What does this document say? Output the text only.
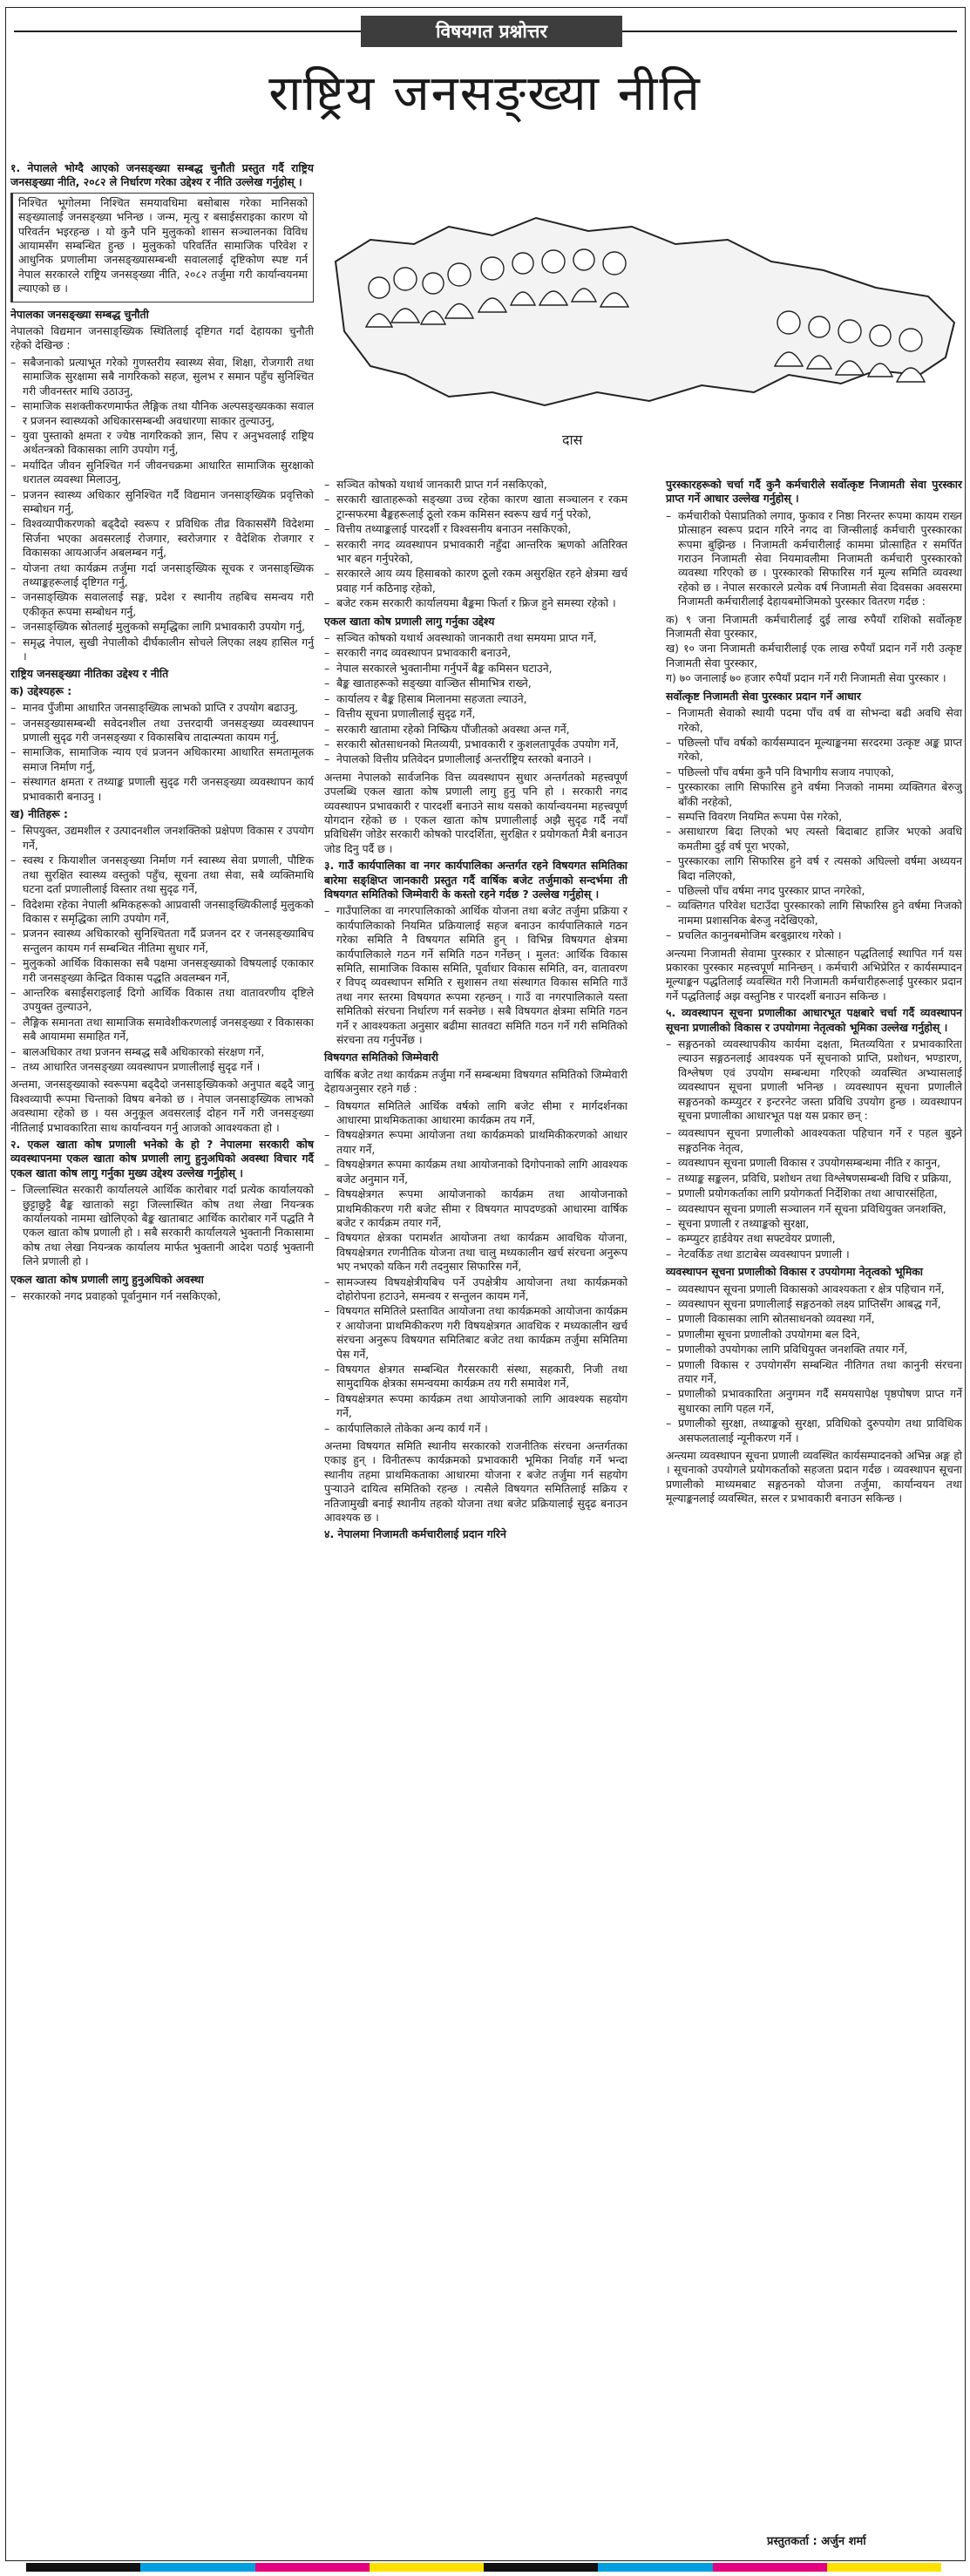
विषयगत प्रश्नोत्तर
राष्ट्रिय जनसङ्ख्या नीति
दास

१. नेपालले भोग्दै आएको जनसङ्ख्या सम्बद्ध चुनौती प्रस्तुत गर्दै राष्ट्रिय जनसङ्ख्या नीति, २०८२ ले निर्धारण गरेका उद्देश्य र नीति उल्लेख गर्नुहोस् ।

निश्चित भूगोलमा निश्चित समयावधिमा बसोबास गरेका मानिसको सङ्ख्यालाई जनसङ्ख्या भनिन्छ । जन्म, मृत्यु र बसाईसराइका कारण यो परिवर्तन भइरहन्छ । यो कुनै पनि मुलुकको शासन सञ्चालनका विविध आयामसँग सम्बन्धित हुन्छ । मुलुकको परिवर्तित सामाजिक परिवेश र आधुनिक प्रणालीमा जनसङ्ख्यासम्बन्धी सवाललाई दृष्टिकोण स्पष्ट गर्न नेपाल सरकारले राष्ट्रिय जनसङ्ख्या नीति, २०८२ तर्जुमा गरी कार्यान्वयनमा ल्याएको छ ।

नेपालका जनसङ्ख्या सम्बद्ध चुनौती

नेपालको विद्यमान जनसाङ्ख्यिक स्थितिलाई दृष्टिगत गर्दा देहायका चुनौती रहेको देखिन्छ :

– सबैजनाको प्रत्याभूत गरेको गुणस्तरीय स्वास्थ्य सेवा, शिक्षा, रोजगारी तथा सामाजिक सुरक्षामा सबै नागरिकको सहज, सुलभ र समान पहुँच सुनिश्चित गरी जीवनस्तर माथि उठाउनु,
– सामाजिक सशक्तीकरणमार्फत लैङ्गिक तथा यौनिक अल्पसङ्ख्यकका सवाल र प्रजनन स्वास्थ्यको अधिकारसम्बन्धी अवधारणा साकार तुल्याउनु,
– युवा पुस्ताको क्षमता र ज्येष्ठ नागरिकको ज्ञान, सिप र अनुभवलाई राष्ट्रिय अर्थतन्त्रको विकासका लागि उपयोग गर्नु,
– मर्यादित जीवन सुनिश्चित गर्न जीवनचक्रमा आधारित सामाजिक सुरक्षाको धरातल व्यवस्था मिलाउनु,
– प्रजनन स्वास्थ्य अधिकार सुनिश्चित गर्दै विद्यमान जनसाङ्ख्यिक प्रवृत्तिको सम्बोधन गर्नु,
– विश्वव्यापीकरणको बढ्दैदो स्वरूप र प्रविधिक तीव्र विकाससँगै विदेशमा सिर्जना भएका अवसरलाई रोजगार, स्वरोजगार र वैदेशिक रोजगार र विकासका आयआर्जन अबलम्बन गर्नु,
– योजना तथा कार्यक्रम तर्जुमा गर्दा जनसाङ्ख्यिक सूचक र जनसाङ्ख्यिक तथ्याङ्कहरूलाई दृष्टिगत गर्नु,
– जनसाङ्ख्यिक सवाललाई सङ्घ, प्रदेश र स्थानीय तहबिच समन्वय गरी एकीकृत रूपमा सम्बोधन गर्नु,
– जनसाङ्ख्यिक स्रोतलाई मुलुकको समृद्धिका लागि प्रभावकारी उपयोग गर्नु,
– समृद्ध नेपाल, सुखी नेपालीको दीर्घकालीन सोचले लिएका लक्ष्य हासिल गर्नु ।

राष्ट्रिय जनसङ्ख्या नीतिका उद्देश्य र नीति

क) उद्देश्यहरू :

– मानव पुँजीमा आधारित जनसाङ्ख्यिक लाभको प्राप्ति र उपयोग बढाउनु,
– जनसङ्ख्यासम्बन्धी सवेदनशील तथा उत्तरदायी जनसङ्ख्या व्यवस्थापन प्रणाली सुदृढ गरी जनसङ्ख्या र विकासबिच तादात्म्यता कायम गर्नु,
– सामाजिक, सामाजिक न्याय एवं प्रजनन अधिकारमा आधारित समतामूलक समाज निर्माण गर्नु,
– संस्थागत क्षमता र तथ्याङ्क प्रणाली सुदृढ गरी जनसङ्ख्या व्यवस्थापन कार्य प्रभावकारी बनाउनु ।

ख) नीतिहरू :

– सिपयुक्त, उद्यमशील र उत्पादनशील जनशक्तिको प्रक्षेपण विकास र उपयोग गर्ने,
– स्वस्थ र कियाशील जनसङ्ख्या निर्माण गर्न स्वास्थ्य सेवा प्रणाली, पौष्टिक तथा सुरक्षित स्वास्थ्य वस्तुको पहुँच, सूचना तथा सेवा, सबै व्यक्तिमाथि घटना दर्ता प्रणालीलाई विस्तार तथा सुदृढ गर्ने,
– विदेशमा रहेका नेपाली श्रमिकहरूको आप्रवासी जनसाङ्ख्यिकीलाई मुलुकको विकास र समृद्धिका लागि उपयोग गर्ने,
– प्रजनन स्वास्थ्य अधिकारको सुनिश्चितता गर्दै प्रजनन दर र जनसङ्ख्याबिच सन्तुलन कायम गर्न सम्बन्धित नीतिमा सुधार गर्ने,
– मुलुकको आर्थिक विकासका सबै पक्षमा जनसङ्ख्याको विषयलाई एकाकार गरी जनसङ्ख्या केन्द्रित विकास पद्धति अवलम्बन गर्ने,
– आन्तरिक बसाईसराइलाई दिगो आर्थिक विकास तथा वातावरणीय दृष्टिले उपयुक्त तुल्याउने,
– लैङ्गिक समानता तथा सामाजिक समावेशीकरणलाई जनसङ्ख्या र विकासका सबै आयाममा समाहित गर्ने,
– बालअधिकार तथा प्रजनन सम्बद्ध सबै अधिकारको संरक्षण गर्ने,
– तथ्य आधारित जनसङ्ख्या व्यवस्थापन प्रणालीलाई सुदृढ गर्ने ।

अन्तमा, जनसङ्ख्याको स्वरूपमा बढ्दैदो जनसाङ्ख्यिकको अनुपात बढ्दै जानु विश्वव्यापी रूपमा चिन्ताको विषय बनेको छ । नेपाल जनसाङ्ख्यिक लाभको अवस्थामा रहेको छ । यस अनुकूल अवसरलाई दोहन गर्ने गरी जनसङ्ख्या नीतिलाई प्रभावकारिता साथ कार्यान्वयन गर्नु आजको आवश्यकता हो ।

२. एकल खाता कोष प्रणाली भनेको के हो ? नेपालमा सरकारी कोष व्यवस्थापनमा एकल खाता कोष प्रणाली लागु हुनुअघिको अवस्था विचार गर्दै एकल खाता कोष लागु गर्नुका मुख्य उद्देश्य उल्लेख गर्नुहोस् ।

– जिल्लास्थित सरकारी कार्यालयले आर्थिक कारोबार गर्दा प्रत्येक कार्यालयको छुट्टाछुट्टै बैङ्क खाताको सट्टा जिल्लास्थित कोष तथा लेखा नियन्त्रक कार्यालयको नाममा खोलिएको बैङ्क खाताबाट आर्थिक कारोबार गर्ने पद्धति नै एकल खाता कोष प्रणाली हो । सबै सरकारी कार्यालयले भुक्तानी निकासामा कोष तथा लेखा नियन्त्रक कार्यालय मार्फत भुक्तानी आदेश पठाई भुक्तानी लिने प्रणाली हो ।

एकल खाता कोष प्रणाली लागु हुनुअघिको अवस्था

– सरकारको नगद प्रवाहको पूर्वानुमान गर्न नसकिएको,
– सञ्चित कोषको यथार्थ जानकारी प्राप्त गर्न नसकिएको,
– सरकारी खाताहरूको सङ्ख्या उच्च रहेका कारण खाता सञ्चालन र रकम ट्रान्सफरमा बैङ्कहरूलाई ठूलो रकम कमिसन स्वरूप खर्च गर्नु परेको,
– वित्तीय तथ्याङ्कलाई पारदर्शी र विश्वसनीय बनाउन नसकिएको,
– सरकारी नगद व्यवस्थापन प्रभावकारी नहुँदा आन्तरिक ऋणको अतिरिक्त भार बहन गर्नुपरेको,
– सरकारले आय व्यय हिसाबको कारण ठूलो रकम असुरक्षित रहने क्षेत्रमा खर्च प्रवाह गर्न कठिनाइ रहेको,
– बजेट रकम सरकारी कार्यालयमा बैङ्कमा फिर्ता र फ्रिज हुने समस्या रहेको ।

एकल खाता कोष प्रणाली लागु गर्नुका उद्देश्य

– सञ्चित कोषको यथार्थ अवस्थाको जानकारी तथा समयमा प्राप्त गर्ने,
– सरकारी नगद व्यवस्थापन प्रभावकारी बनाउने,
– नेपाल सरकारले भुक्तानीमा गर्नुपर्ने बैङ्क कमिसन घटाउने,
– बैङ्क खाताहरूको सङ्ख्या वाञ्छित सीमाभित्र राख्ने,
– कार्यालय र बैङ्क हिसाब मिलानमा सहजता ल्याउने,
– वित्तीय सूचना प्रणालीलाई सुदृढ गर्ने,
– सरकारी खातामा रहेको निष्क्रिय पौंजीतको अवस्था अन्त गर्ने,
– सरकारी स्रोतसाधनको मितव्ययी, प्रभावकारी र कुशलतापूर्वक उपयोग गर्ने,
– नेपालको वित्तीय प्रतिवेदन प्रणालीलाई अन्तर्राष्ट्रिय स्तरको बनाउने ।

अन्तमा नेपालको सार्वजनिक वित्त व्यवस्थापन सुधार अन्तर्गतको महत्त्वपूर्ण उपलब्धि एकल खाता कोष प्रणाली लागु हुनु पनि हो । सरकारी नगद व्यवस्थापन प्रभावकारी र पारदर्शी बनाउने साथ यसको कार्यान्वयनमा महत्त्वपूर्ण योगदान रहेको छ । एकल खाता कोष प्रणालीलाई अझै सुदृढ गर्दै नयाँ प्रविधिसँग जोडेर सरकारी कोषको पारदर्शिता, सुरक्षित र प्रयोगकर्ता मैत्री बनाउन जोड दिनु पर्दै छ ।

३. गाउँ कार्यपालिका वा नगर कार्यपालिका अन्तर्गत रहने विषयगत समितिका बारेमा सङ्क्षिप्त जानकारी प्रस्तुत गर्दै वार्षिक बजेट तर्जुमाको सन्दर्भमा ती विषयगत समितिको जिम्मेवारी के कस्तो रहने गर्दछ ? उल्लेख गर्नुहोस् ।

– गाउँपालिका वा नगरपालिकाको आर्थिक योजना तथा बजेट तर्जुमा प्रक्रिया र कार्यपालिकाको नियमित प्रक्रियालाई सहज बनाउन कार्यपालिकाले गठन गरेका समिति नै विषयगत समिति हुन् । विभिन्न विषयगत क्षेत्रमा कार्यपालिकाले गठन गर्ने समिति गठन गर्नेछन् । मुलत: आर्थिक विकास समिति, सामाजिक विकास समिति, पूर्वाधार विकास समिति, वन, वातावरण र विपद् व्यवस्थापन समिति र सुशासन तथा संस्थागत विकास समिति गाउँ तथा नगर स्तरमा विषयगत रूपमा रहन्छन् । गाउँ वा नगरपालिकाले यस्ता समितिको संरचना निर्धारण गर्न सक्नेछ । सबै विषयगत क्षेत्रमा समिति गठन गर्ने र आवश्यकता अनुसार बढीमा सातवटा समिति गठन गर्ने गरी समितिको संरचना तय गर्नुपर्नेछ ।

विषयगत समितिको जिम्मेवारी

वार्षिक बजेट तथा कार्यक्रम तर्जुमा गर्ने सम्बन्धमा विषयगत समितिको जिम्मेवारी देहायअनुसार रहने गर्छ :

– विषयगत समितिले आर्थिक वर्षको लागि बजेट सीमा र मार्गदर्शनका आधारमा प्राथमिकताका आधारमा कार्यक्रम तय गर्ने,
– विषयक्षेत्रगत रूपमा आयोजना तथा कार्यक्रमको प्राथमिकीकरणको आधार तयार गर्ने,
– विषयक्षेत्रगत रूपमा कार्यक्रम तथा आयोजनाको दिगोपनाको लागि आवश्यक बजेट अनुमान गर्ने,
– विषयक्षेत्रगत रूपमा आयोजनाको कार्यक्रम तथा आयोजनाको प्राथमिकीकरण गरी बजेट सीमा र विषयगत मापदण्डको आधारमा वार्षिक बजेट र कार्यक्रम तयार गर्ने,
– विषयगत क्षेत्रका परामर्शत आयोजना तथा कार्यक्रम आवधिक योजना, विषयक्षेत्रगत रणनीतिक योजना तथा चालु मध्यकालीन खर्च संरचना अनुरूप भए नभएको यकिन गरी तदनुसार सिफारिस गर्ने,
– सामञ्जस्य विषयक्षेत्रीयबिच पर्ने उपक्षेत्रीय आयोजना तथा कार्यक्रमको दोहोरोपना हटाउने, समन्वय र सन्तुलन कायम गर्ने,
– विषयगत समितिले प्रस्तावित आयोजना तथा कार्यक्रमको आयोजना कार्यक्रम र आयोजना प्राथमिकीकरण गरी विषयक्षेत्रगत आवधिक र मध्यकालीन खर्च संरचना अनुरूप विषयगत समितिबाट बजेट तथा कार्यक्रम तर्जुमा समितिमा पेस गर्ने,
– विषयगत क्षेत्रगत सम्बन्धित गैरसरकारी संस्था, सहकारी, निजी तथा सामुदायिक क्षेत्रका समन्वयमा कार्यक्रम तय गरी समावेश गर्ने,
– विषयक्षेत्रगत रूपमा कार्यक्रम तथा आयोजनाको लागि आवश्यक सहयोग गर्ने,
– कार्यपालिकाले तोकेका अन्य कार्य गर्ने ।

अन्तमा विषयगत समिति स्थानीय सरकारको राजनीतिक संरचना अन्तर्गतका एकाइ हुन् । विनीतरूप कार्यक्रमको प्रभावकारी भूमिका निर्वाह गर्ने भन्दा स्थानीय तहमा प्राथमिकताका आधारमा योजना र बजेट तर्जुमा गर्न सहयोग पुऱ्याउने दायित्व समितिको रहन्छ । त्यसैले विषयगत समितिलाई सक्रिय र नतिजामुखी बनाई स्थानीय तहको योजना तथा बजेट प्रक्रियालाई सुदृढ बनाउन आवश्यक छ ।

४. नेपालमा निजामती कर्मचारीलाई प्रदान गरिने

पुरस्कारहरूको चर्चा गर्दै कुनै कर्मचारीले सर्वोत्कृष्ट निजामती सेवा पुरस्कार प्राप्त गर्ने आधार उल्लेख गर्नुहोस् ।

– कर्मचारीको पेसाप्रतिको लगाव, फुकाव र निष्ठा निरन्तर रूपमा कायम राख्न प्रोत्साहन स्वरूप प्रदान गरिने नगद वा जिन्सीलाई कर्मचारी पुरस्कारका रूपमा बुझिन्छ । निजामती कर्मचारीलाई काममा प्रोत्साहित र समर्पित गराउन निजामती सेवा नियमावलीमा निजामती कर्मचारी पुरस्कारको व्यवस्था गरिएको छ । पुरस्कारको सिफारिस गर्न मूल्य समिति व्यवस्था रहेको छ । नेपाल सरकारले प्रत्येक वर्ष निजामती सेवा दिवसका अवसरमा निजामती कर्मचारीलाई देहायबमोजिमको पुरस्कार वितरण गर्दछ :
क) ९ जना निजामती कर्मचारीलाई दुई लाख रुपैयाँ राशिको सर्वोत्कृष्ट निजामती सेवा पुरस्कार,
ख) १० जना निजामती कर्मचारीलाई एक लाख रुपैयाँ प्रदान गर्ने गरी उत्कृष्ट निजामती सेवा पुरस्कार,
ग) ७० जनालाई ७० हजार रुपैयाँ प्रदान गर्ने गरी निजामती सेवा पुरस्कार ।

सर्वोत्कृष्ट निजामती सेवा पुरस्कार प्रदान गर्ने आधार

– निजामती सेवाको स्थायी पदमा पाँच वर्ष वा सोभन्दा बढी अवधि सेवा गरेको,
– पछिल्लो पाँच वर्षको कार्यसम्पादन मूल्याङ्कनमा सरदरमा उत्कृष्ट अङ्क प्राप्त गरेको,
– पछिल्लो पाँच वर्षमा कुनै पनि विभागीय सजाय नपाएको,
– पुरस्कारका लागि सिफारिस हुने वर्षमा निजको नाममा व्यक्तिगत बेरुजु बाँकी नरहेको,
– सम्पत्ति विवरण नियमित रूपमा पेस गरेको,
– असाधारण बिदा लिएको भए त्यस्तो बिदाबाट हाजिर भएको अवधि कमतीमा दुई वर्ष पूरा भएको,
– पुरस्कारका लागि सिफारिस हुने वर्ष र त्यसको अघिल्लो वर्षमा अध्ययन बिदा नलिएको,
– पछिल्लो पाँच वर्षमा नगद पुरस्कार प्राप्त नगरेको,
– व्यक्तिगत परिवेश घटाउँदा पुरस्कारको लागि सिफारिस हुने वर्षमा निजको नाममा प्रशासनिक बेरुजु नदेखिएको,
– प्रचलित कानुनबमोजिम बरबुझारथ गरेको ।

अन्त्यमा निजामती सेवामा पुरस्कार र प्रोत्साहन पद्धतिलाई स्थापित गर्न यस प्रकारका पुरस्कार महत्त्वपूर्ण मानिन्छन् । कर्मचारी अभिप्रेरित र कार्यसम्पादन मूल्याङ्कन पद्धतिलाई व्यवस्थित गरी निजामती कर्मचारीहरूलाई पुरस्कार प्रदान गर्ने पद्धतिलाई अझ वस्तुनिष्ठ र पारदर्शी बनाउन सकिन्छ ।

५. व्यवस्थापन सूचना प्रणालीका आधारभूत पक्षबारे चर्चा गर्दै व्यवस्थापन सूचना प्रणालीको विकास र उपयोगमा नेतृत्वको भूमिका उल्लेख गर्नुहोस् ।

– सङ्गठनको व्यवस्थापकीय कार्यमा दक्षता, मितव्ययिता र प्रभावकारिता ल्याउन सङ्गठनलाई आवश्यक पर्ने सूचनाको प्राप्ति, प्रशोधन, भण्डारण, विश्लेषण एवं उपयोग सम्बन्धमा गरिएको व्यवस्थित अभ्यासलाई व्यवस्थापन सूचना प्रणाली भनिन्छ । व्यवस्थापन सूचना प्रणालीले सङ्गठनको कम्प्युटर र इन्टरनेट जस्ता प्रविधि उपयोग हुन्छ । व्यवस्थापन सूचना प्रणालीका आधारभूत पक्ष यस प्रकार छन् :
– व्यवस्थापन सूचना प्रणालीको आवश्यकता पहिचान गर्ने र पहल बुझ्ने सङ्गठनिक नेतृत्व,
– व्यवस्थापन सूचना प्रणाली विकास र उपयोगसम्बन्धमा नीति र कानुन,
– तथ्याङ्क सङ्कलन, प्रविधि, प्रशोधन तथा विश्लेषणसम्बन्धी विधि र प्रक्रिया,
– प्रणाली प्रयोगकर्ताका लागि प्रयोगकर्ता निर्देशिका तथा आचारसंहिता,
– व्यवस्थापन सूचना प्रणाली सञ्चालन गर्ने सूचना प्रविधियुक्त जनशक्ति,
– सूचना प्रणाली र तथ्याङ्कको सुरक्षा,
– कम्प्युटर हार्डवेयर तथा सफ्टवेयर प्रणाली,
– नेटवर्किङ तथा डाटाबेस व्यवस्थापन प्रणाली ।

व्यवस्थापन सूचना प्रणालीको विकास र उपयोगमा नेतृत्वको भूमिका

– व्यवस्थापन सूचना प्रणाली विकासको आवश्यकता र क्षेत्र पहिचान गर्ने,
– व्यवस्थापन सूचना प्रणालीलाई सङ्गठनको लक्ष्य प्राप्तिसँग आबद्ध गर्ने,
– प्रणाली विकासका लागि स्रोतसाधनको व्यवस्था गर्ने,
– प्रणालीमा सूचना प्रणालीको उपयोगमा बल दिने,
– प्रणालीको उपयोगका लागि प्रविधियुक्त जनशक्ति तयार गर्ने,
– प्रणाली विकास र उपयोगसँग सम्बन्धित नीतिगत तथा कानुनी संरचना तयार गर्ने,
– प्रणालीको प्रभावकारिता अनुगमन गर्दै समयसापेक्ष पृष्ठपोषण प्राप्त गर्ने सुधारका लागि पहल गर्ने,
– प्रणालीको सुरक्षा, तथ्याङ्कको सुरक्षा, प्रविधिको दुरुपयोग तथा प्राविधिक असफलतालाई न्यूनीकरण गर्ने ।

अन्त्यमा व्यवस्थापन सूचना प्रणाली व्यवस्थित कार्यसम्पादनको अभिन्न अङ्ग हो । सूचनाको उपयोगले प्रयोगकर्ताको सहजता प्रदान गर्दछ । व्यवस्थापन सूचना प्रणालीको माध्यमबाट सङ्गठनको योजना तर्जुमा, कार्यान्वयन तथा मूल्याङ्कनलाई व्यवस्थित, सरल र प्रभावकारी बनाउन सकिन्छ ।

प्रस्तुतकर्ता : अर्जुन शर्मा
